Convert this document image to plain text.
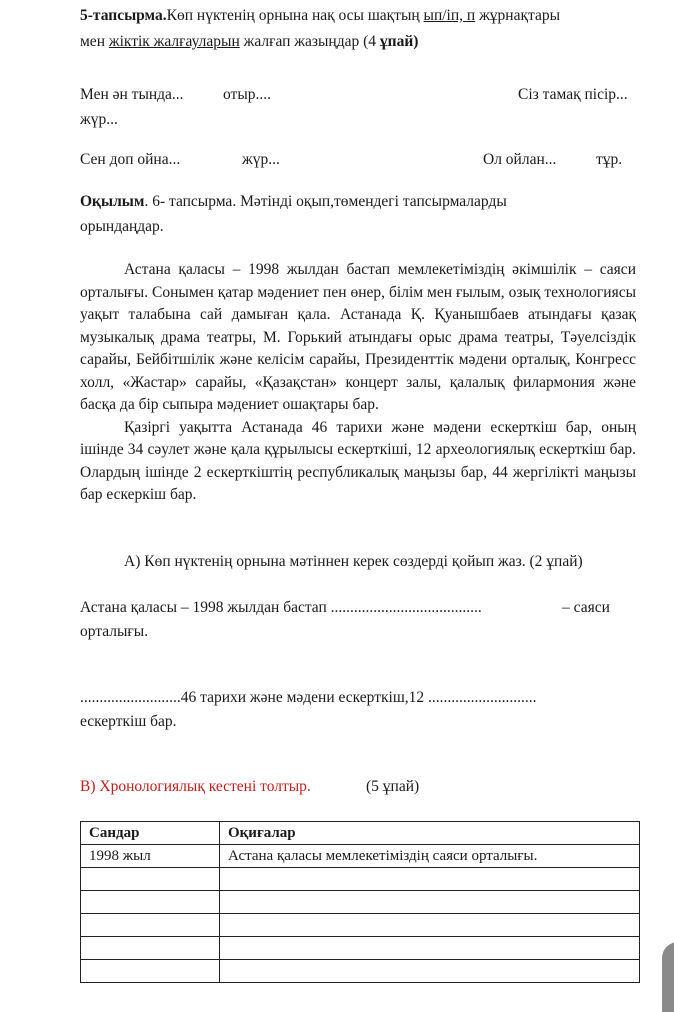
5-тапсырма.Көп нүктенің орнына нақ осы шақтың ып/іп, п жұрнақтары
мен жіктік жалғауларын жалғап жазыңдар (4 ұпай)
Мен ән тында...	отыр....	Сіз тамақ пісір...
жүр...
Сен доп ойна...	жүр...	Ол ойлан...	тұр.
Оқылым. 6- тапсырма. Мәтінді оқып,төмендегі тапсырмаларды
орындаңдар.

Астана қаласы – 1998 жылдан бастап мемлекетіміздің әкімшілік – саяси орталығы. Сонымен қатар мәдениет пен өнер, білім мен ғылым, озық технологиясы уақыт талабына сай дамыған қала. Астанада Қ. Қуанышбаев атындағы қазақ музыкалық драма театры, М. Горький атындағы орыс драма театры, Тәуелсіздік сарайы, Бейбітшілік және келісім сарайы, Президенттік мәдени орталық, Конгресс холл, «Жастар» сарайы, «Қазақстан» концерт залы, қалалық филармония және басқа да бір сыпыра мәдениет ошақтары бар.

Қазіргі уақытта Астанада 46 тарихи және мәдени ескерткіш бар, оның ішінде 34 сәулет және қала құрылысы ескерткіші, 12 археологиялық ескерткіш бар. Олардың ішінде 2 ескерткіштің республикалық маңызы бар, 44 жергілікті маңызы бар ескеркіш бар.

А) Көп нүктенің орнына мәтіннен керек сөздерді қойып жаз. (2 ұпай)
Астана қаласы – 1998 жылдан бастап .......................................	– саяси
орталығы.
..........................46 тарихи және мәдени ескерткіш,12 ............................
ескерткіш бар.
В) Хронологиялық кестені толтыр.	(5 ұпай)
Сандар	Оқиғалар
1998 жыл	Астана қаласы мемлекетіміздің саяси орталығы.
